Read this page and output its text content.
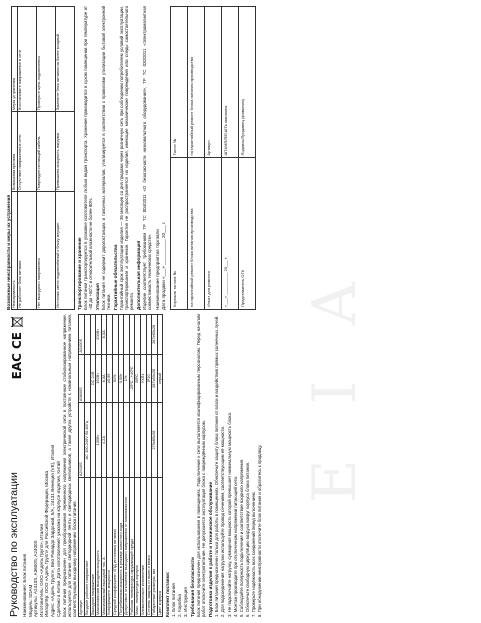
E I A
Руководство по эксплуатации
EAC
CE
Наименование: Блок питания Модель: SDAM Артикулы: A2410S, A3600S, A2400S Изготовитель: ООО «Адель Групп», Италия Импортёр: ООО «Адель Групп» для Российской Федерации, Москва Адрес: «Адель Групп», Вио Рикардо Зардонай, 5/А, 24131 Венеция (VE), Италия Сделано в Китае. Дата изготовления: указана на корпусе изделия, Китай Блок питания предназначен для преобразования переменного напряжения электрической сети в постоянное стабилизированное напряжение, используется для питания светодиодной ленты и светодиодных светильников, а также других устройств с номинальным напряжением питания, соответствующим выходному напряжению блока питания. Артикул	A2410S	A3600S	A2400S
Входное рабочее напряжение	AC 100-240V 50-60Гц		
Выходное напряжение		DC 24В	
Максимальная выходная мощность	100Вт	150Вт	200Вт
Максимальный выходной ток, А	4,2А	6,3А	8,3А
Коэффициент мощности		≥0,95	
Средний коэффициент КПД источника питания		91%	
Потребляемая мощность в режиме холостого хода		0,5Вт	
Допустимое отклонение выходного напряжения от номинального		1%	
Рабочая температура окружающей среды		-25ºC...+40ºC	
Макс. температура корпуса		85ºC	
Климатическое исполнение		УХЛ4	
Степень защиты от пыли и влаги		IP20	
Габаритные размеры, мм	275х60х28	287х60х28	287х60х28
Цвет корпуса		серый	
Комплект поставки: 1. Блок питания 2. Коробка 3. Инструкция Требования безопасности Блок питания предназначен для использования в помещениях. Подключение к сети выполняется квалифицированным персоналом. Перед началом работ отключите электропитание. Не допускается эксплуатация блока с повреждённым корпусом. Подготовка изделия к работе и техническое обслуживание 1. Блок питания предназначен только для работы в помещениях. Обеспечьте защиту блока питания от влаги и воздействия прямых солнечных лучей. 2. Для подсоединения нагрузки используйте провод сечением, соответствующим её мощности. 3. Не подключайте нагрузку, суммарная мощность которой превышает номинальную мощность блока. 4. Монтаж производите при отключенном напряжении питающей сети. 5. Соблюдайте полярность подключения и соответствие входного напряжения. 6. Обеспечьте свободную циркуляцию воздуха вокруг корпуса блока питания. 7. Проверьте надёжность всех соединений перед включением. 8. При обнаружении неисправности отключите блок питания и обратитесь к продавцу.
Возможные неисправности и меры их устраненияНеисправность	Возможная причина	Меры устранения
Не работает блок питания	Отсутствие напряжения в сети	Восстановите напряжение в сети
Нет выходного напряжения	Поврежден питающий кабель	Проверьте цепь подключения
Источник света подключённый к блоку мерцает	Превышена мощность нагрузки	Замените блок питания на более мощный
Транспортирование и хранение Блок питания транспортируется в упаковке изготовителя любым видом транспорта. Хранение производится в сухом помещении при температуре от -40 до +50°С и относительной влажности не более 80%. Утилизация Блок питания не содержит дорогостоящих и токсичных материалов, утилизируется в соответствии с правилами утилизации бытовой электронной техники. Гарантийные обязательства Гарантийный срок эксплуатации изделия — 36 месяцев со дня продажи через розничную сеть при соблюдении потребителем условий эксплуатации, транспортирования и хранения. Гарантия не распространяется на изделия, имеющие механические повреждения или следы самостоятельного ремонта. Дополнительная информация Изделие соответствует требованиям ТР ТС 004/2011 «О безопасности низковольтного оборудования», ТР ТС 020/2011 «Электромагнитная совместимость технических средств». Наименование предприятия торговли Дата продажи «___» __________ 20___ г. Корешок талона №	Талон №
на гарантийный ремонт блока питания производства	на гарантийный ремонт блока питания производства
Изъят для ремонта	Артикул:
«___» __________ 20___ г.	ШТАМП/ПЕЧАТЬ магазина
Представитель ОТК	Подпись/Продавец (фамилия)
